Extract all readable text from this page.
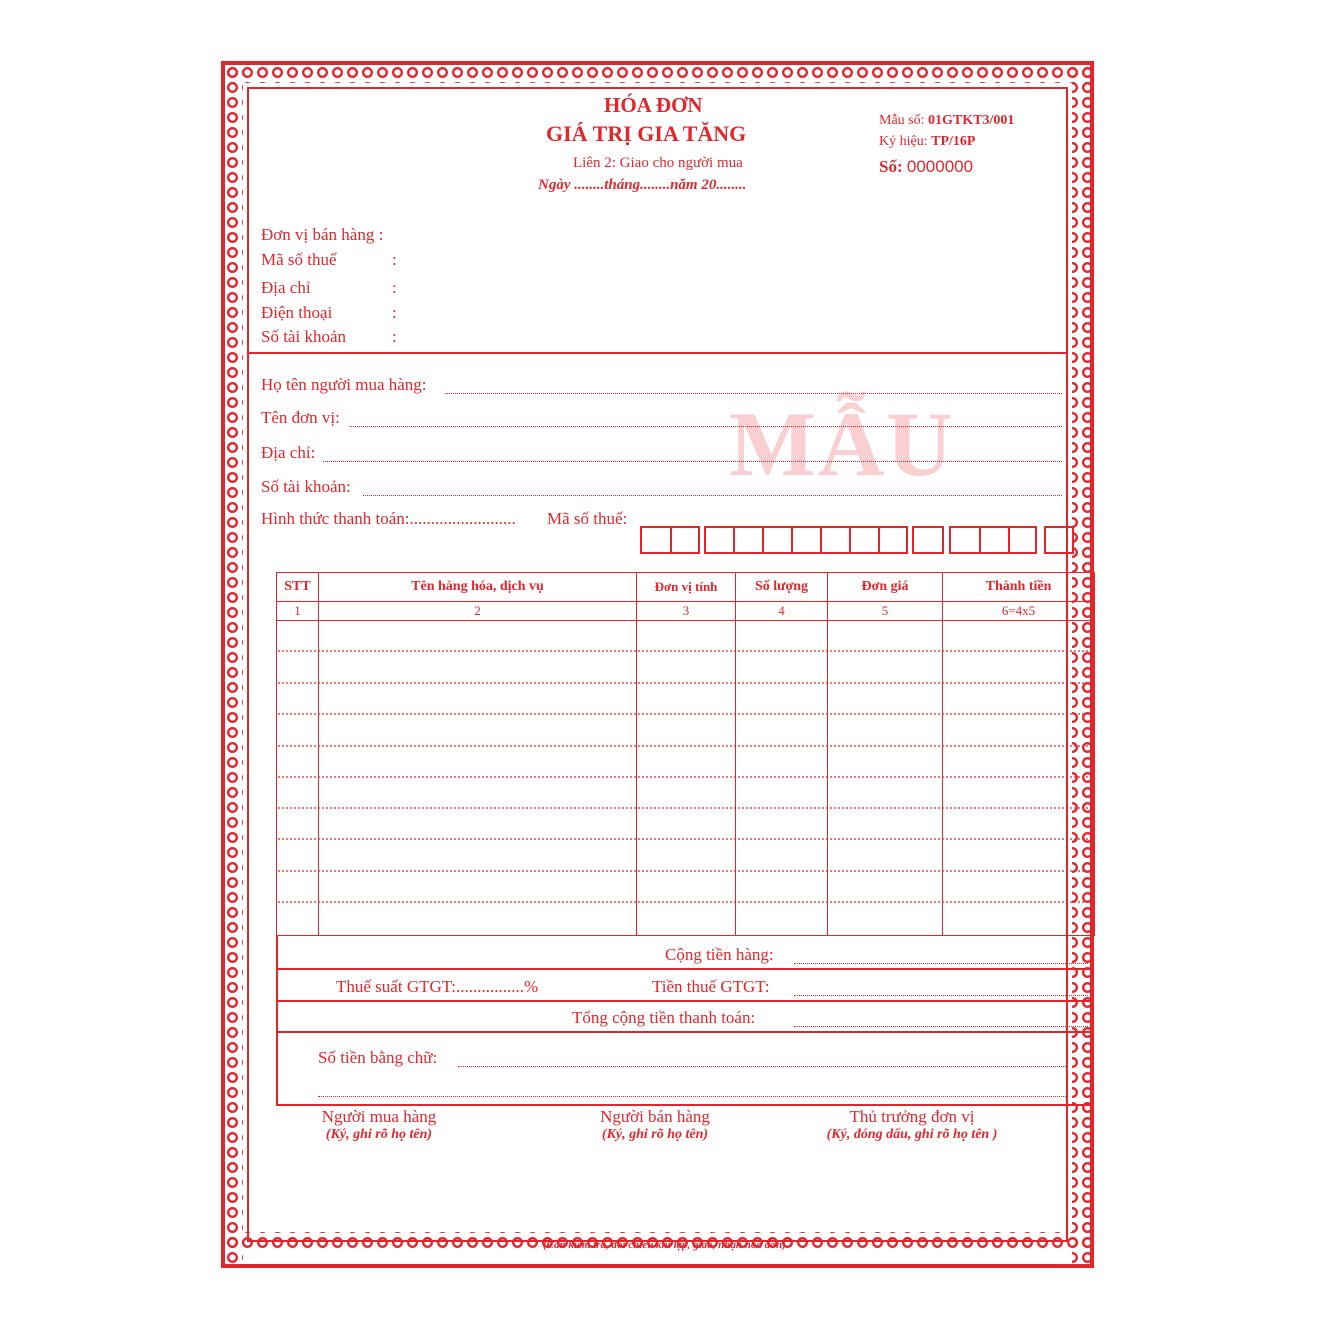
HÓA ĐƠN
GIÁ TRỊ GIA TĂNG
Liên 2: Giao cho người mua
Ngày ........tháng........năm 20........
Mẫu số: 01GTKT3/001
Ký hiệu: TP/16P
Số: 0000000
Đơn vị bán hàng :
Mã số thuế	:
Địa chỉ	:
Điện thoại	:
Số tài khoản	:
MẪU
Họ tên người mua hàng:
Tên đơn vị:
Địa chỉ:
Số tài khoản:
Hình thức thanh toán:......................... Mã số thuế:
STT	Tên hàng hóa, dịch vụ	Đơn vị tính	Số lượng	Đơn giá	Thành tiền
1	2	3	4	5	6=4x5

Cộng tiền hàng:
Thuế suất GTGT:................%	Tiền thuế GTGT:
Tổng cộng tiền thanh toán:
Số tiền bằng chữ:
Người mua hàng
(Ký, ghi rõ họ tên)
Người bán hàng
(Ký, ghi rõ họ tên)
Thủ trưởng đơn vị
(Ký, đóng dấu, ghi rõ họ tên )
(Cần kiểm tra, đối chiếu khi lập, giao, nhận hóa đơn)
